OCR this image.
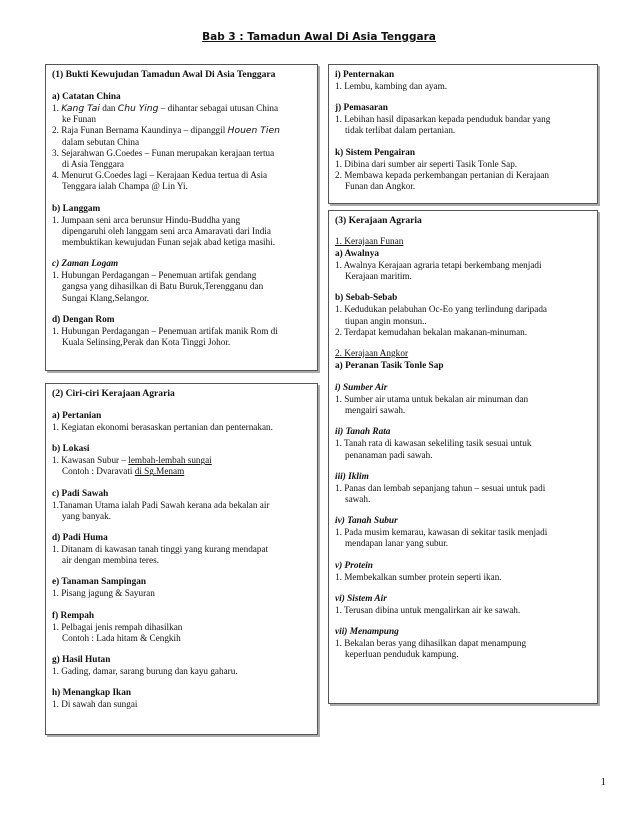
Bab 3 : Tamadun Awal Di Asia Tenggara
(1) Bukti Kewujudan Tamadun Awal Di Asia Tenggara
a) Catatan China
1. Kang Tai dan Chu Ying – dihantar sebagai utusan China
ke Funan
2. Raja Funan Bernama Kaundinya – dipanggil Houen Tien
dalam sebutan China
3. Sejarahwan G.Coedes – Funan merupakan kerajaan tertua
di Asia Tenggara
4. Menurut G.Coedes lagi – Kerajaan Kedua tertua di Asia
Tenggara ialah Champa @ Lin Yi.
b) Langgam
1. Jumpaan seni arca berunsur Hindu-Buddha yang
dipengaruhi oleh langgam seni arca Amaravati dari India
membuktikan kewujudan Funan sejak abad ketiga masihi.
c) Zaman Logam
1. Hubungan Perdagangan – Penemuan artifak gendang
gangsa yang dihasilkan di Batu Buruk,Terengganu dan
Sungai Klang,Selangor.
d) Dengan Rom
1. Hubungan Perdagangan – Penemuan artifak manik Rom di
Kuala Selinsing,Perak dan Kota Tinggi Johor.
(2) Ciri-ciri Kerajaan Agraria
a) Pertanian
1. Kegiatan ekonomi berasaskan pertanian dan penternakan.
b) Lokasi
1. Kawasan Subur – lembah-lembah sungai
Contoh : Dvaravati di Sg.Menam
c) Padi Sawah
1.Tanaman Utama ialah Padi Sawah kerana ada bekalan air
yang banyak.
d) Padi Huma
1. Ditanam di kawasan tanah tinggi yang kurang mendapat
air dengan membina teres.
e) Tanaman Sampingan
1. Pisang jagung & Sayuran
f) Rempah
1. Pelbagai jenis rempah dihasilkan
Contoh : Lada hitam & Cengkih
g) Hasil Hutan
1. Gading, damar, sarang burung dan kayu gaharu.
h) Menangkap Ikan
1. Di sawah dan sungai
i) Penternakan
1. Lembu, kambing dan ayam.
j) Pemasaran
1. Lebihan hasil dipasarkan kepada penduduk bandar yang
tidak terlibat dalam pertanian.
k) Sistem Pengairan
1. Dibina dari sumber air seperti Tasik Tonle Sap.
2. Membawa kepada perkembangan pertanian di Kerajaan
Funan dan Angkor.
(3) Kerajaan Agraria
1. Kerajaan Funan
a) Awalnya
1. Awalnya Kerajaan agraria tetapi berkembang menjadi
Kerajaan maritim.
b) Sebab-Sebab
1. Kedudukan pelabuhan Oc-Eo yang terlindung daripada
tiupan angin monsun..
2. Terdapat kemudahan bekalan makanan-minuman.
2. Kerajaan Angkor
a) Peranan Tasik Tonle Sap
i) Sumber Air
1. Sumber air utama untuk bekalan air minuman dan
mengairi sawah.
ii) Tanah Rata
1. Tanah rata di kawasan sekeliling tasik sesuai untuk
penanaman padi sawah.
iii) Iklim
1. Panas dan lembab sepanjang tahun – sesuai untuk padi
sawah.
iv) Tanah Subur
1. Pada musim kemarau, kawasan di sekitar tasik menjadi
mendapan lanar yang subur.
v) Protein
1. Membekalkan sumber protein seperti ikan.
vi) Sistem Air
1. Terusan dibina untuk mengalirkan air ke sawah.
vii) Menampung
1. Bekalan beras yang dihasilkan dapat menampung
keperluan penduduk kampung.
1
